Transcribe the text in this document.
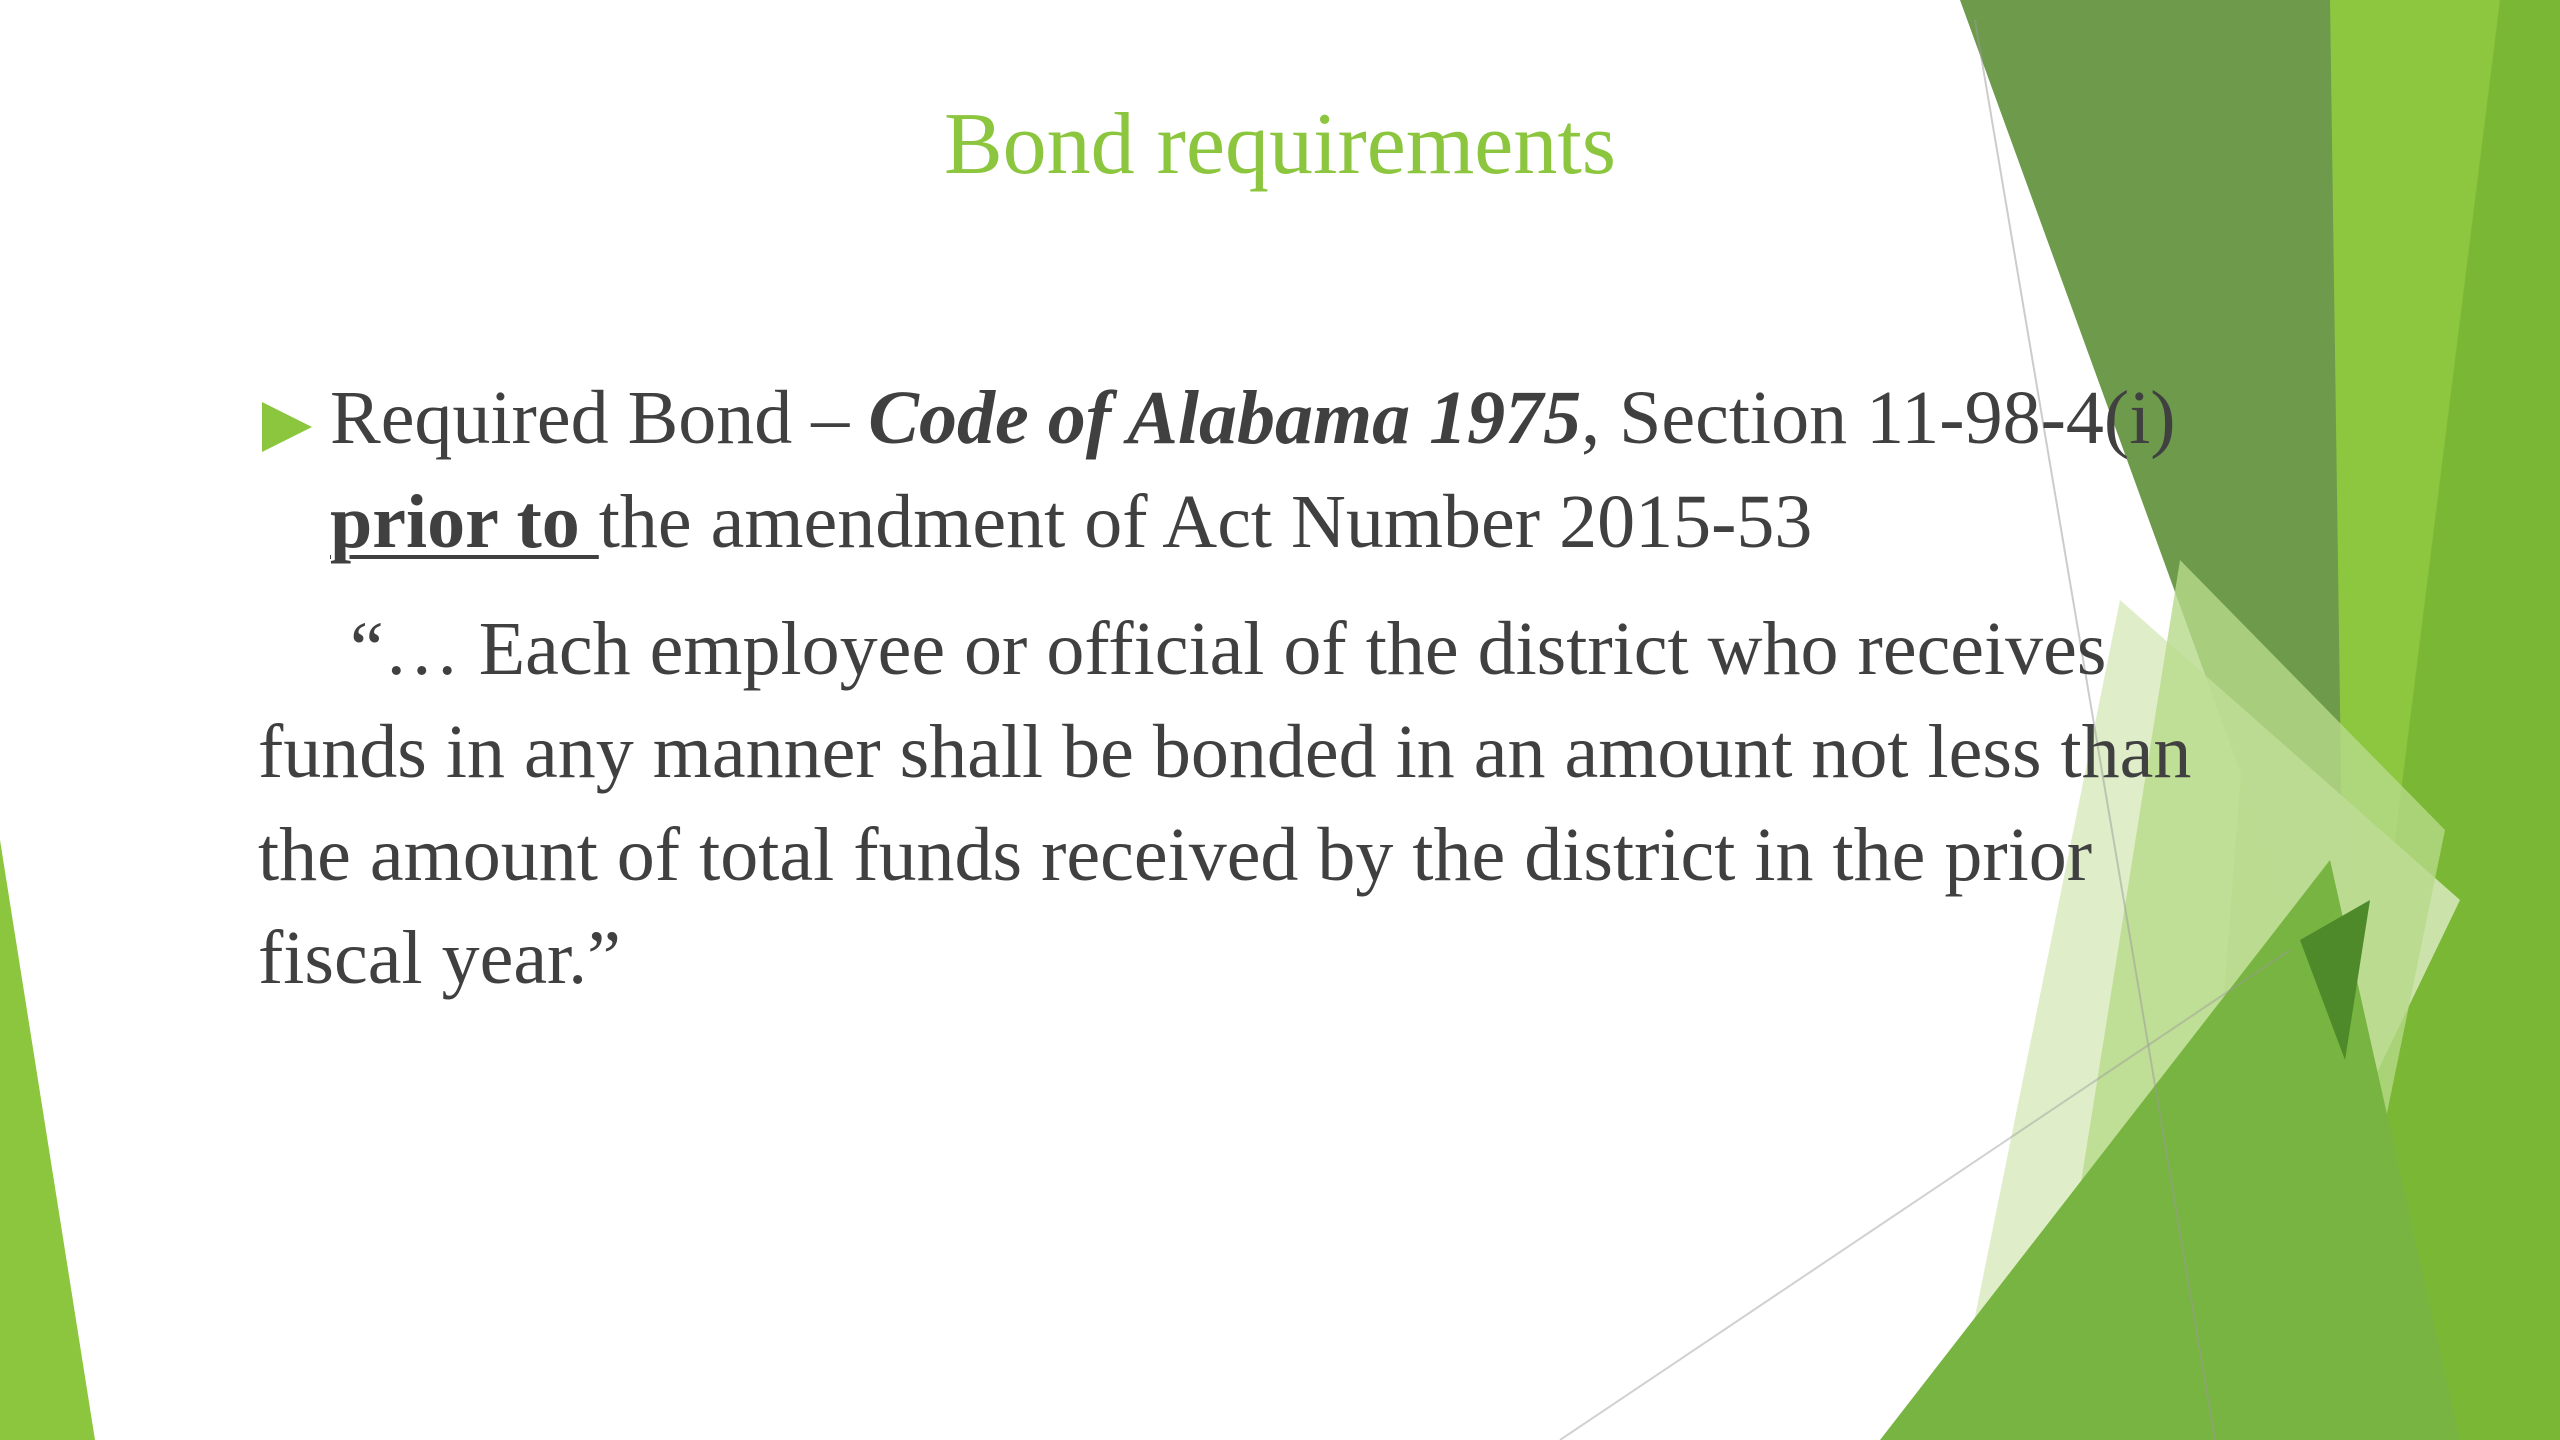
Bond requirements
Required Bond – Code of Alabama 1975, Section 11-98-4(i) prior to the amendment of Act Number 2015-53
“… Each employee or official of the district who receives funds in any manner shall be bonded in an amount not less than the amount of total funds received by the district in the prior fiscal year.”
